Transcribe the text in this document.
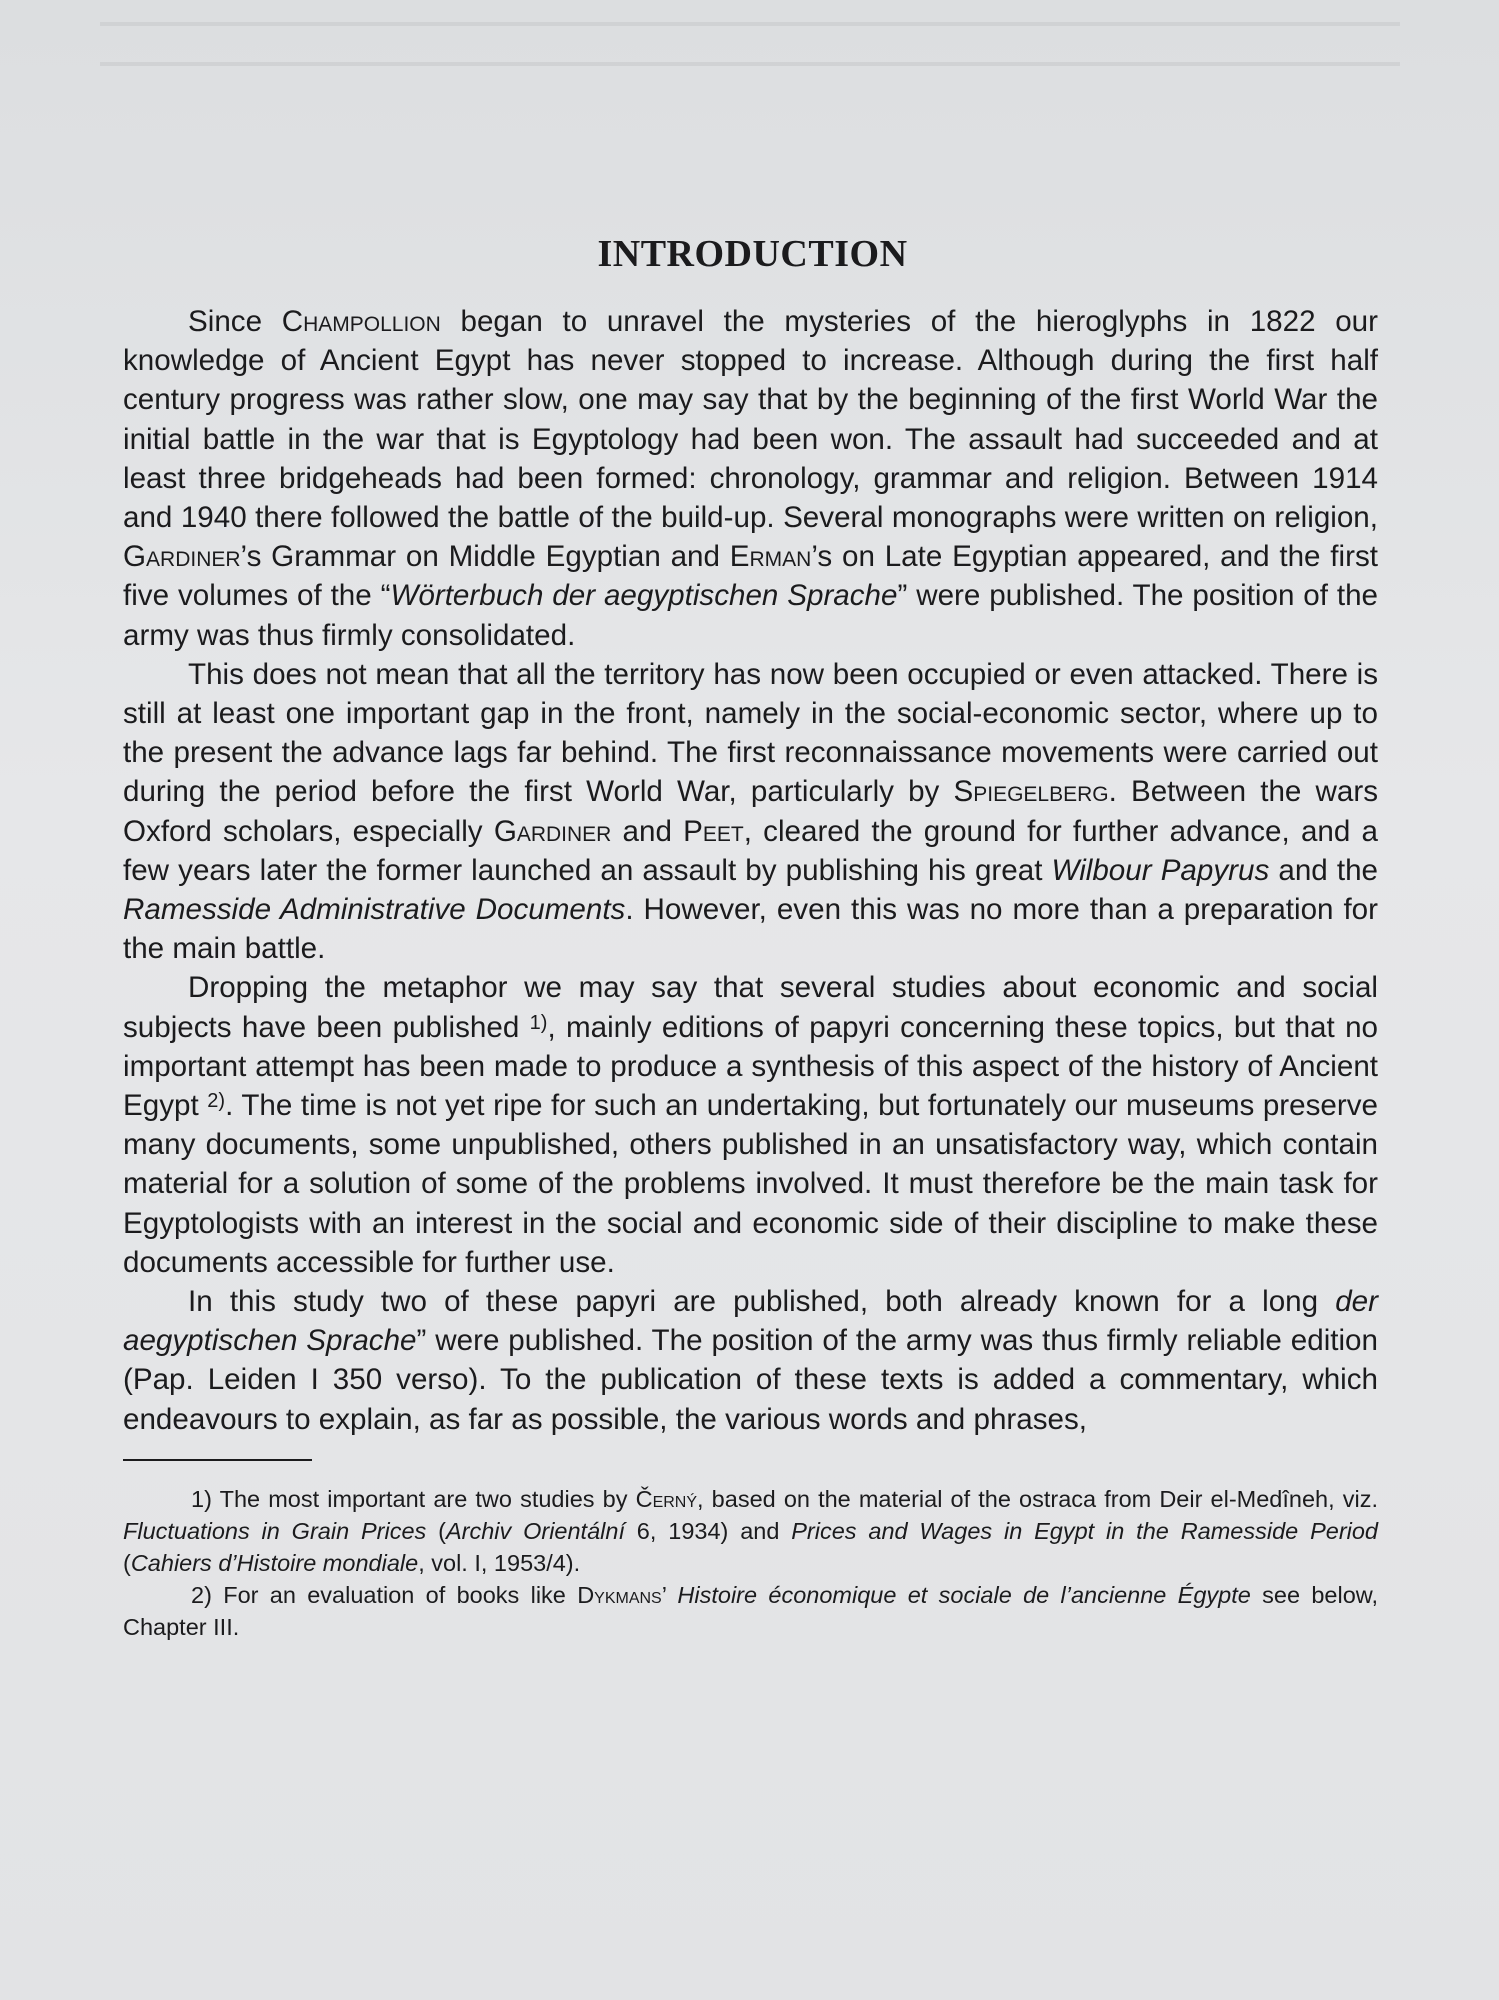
INTRODUCTION

Since Champollion began to unravel the mysteries of the hieroglyphs in 1822 our knowledge of Ancient Egypt has never stopped to increase. Although during the first half century progress was rather slow, one may say that by the beginning of the first World War the initial battle in the war that is Egyptology had been won. The assault had succeeded and at least three bridgeheads had been formed: chronology, grammar and religion. Between 1914 and 1940 there followed the battle of the build-up. Several monographs were written on religion, Gardiner’s Grammar on Middle Egyptian and Erman’s on Late Egyptian appeared, and the first five volumes of the “Wörterbuch der aegyptischen Sprache” were published. The position of the army was thus firmly consolidated.

This does not mean that all the territory has now been occupied or even attacked. There is still at least one important gap in the front, namely in the social-economic sector, where up to the present the advance lags far behind. The first reconnaissance movements were carried out during the period before the first World War, particularly by Spiegelberg. Between the wars Oxford scholars, especially Gardiner and Peet, cleared the ground for further advance, and a few years later the former launched an assault by publishing his great Wilbour Papyrus and the Ramesside Administrative Documents. However, even this was no more than a preparation for the main battle.

Dropping the metaphor we may say that several studies about economic and social subjects have been published $^{1)}$, mainly editions of papyri concerning these topics, but that no important attempt has been made to produce a synthesis of this aspect of the history of Ancient Egypt $^{2)}$. The time is not yet ripe for such an undertaking, but fortunately our museums preserve many documents, some unpublished, others published in an unsatisfactory way, which contain material for a solution of some of the problems involved. It must therefore be the main task for Egyptologists with an interest in the social and economic side of their discipline to make these documents accessible for further use.

In this study two of these papyri are published, both already known for a long der aegyptischen Sprache” were published. The position of the army was thus firmly reliable edition (Pap. Leiden I 350 verso). To the publication of these texts is added a commentary, which endeavours to explain, as far as possible, the various words and phrases,

1) The most important are two studies by Černý, based on the material of the ostraca from Deir el-Medîneh, viz. Fluctuations in Grain Prices (Archiv Orientální 6, 1934) and Prices and Wages in Egypt in the Ramesside Period (Cahiers d’Histoire mondiale, vol. I, 1953/4).

2) For an evaluation of books like Dykmans’ Histoire économique et sociale de l’ancienne Égypte see below, Chapter III.
